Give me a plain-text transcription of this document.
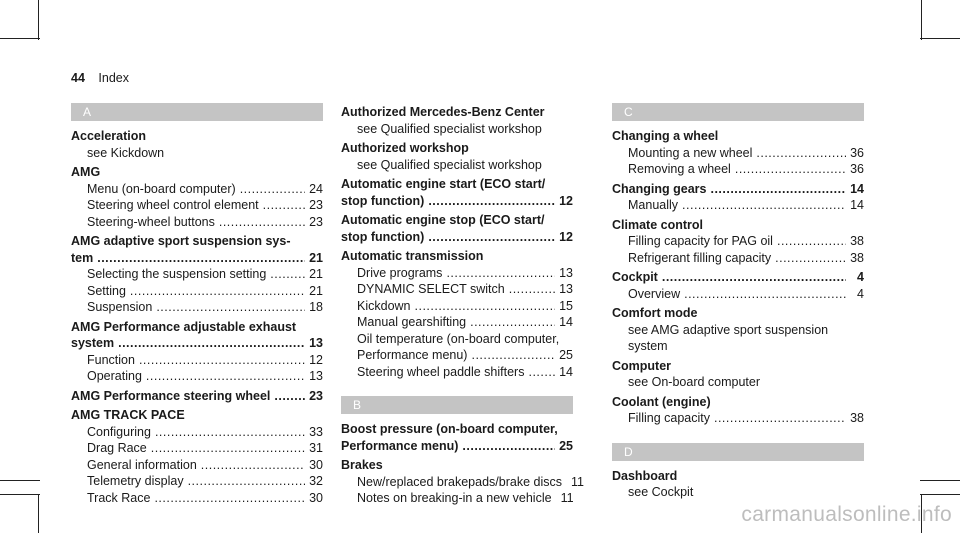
44 Index
A
Acceleration
see Kickdown
AMG
Menu (on-board computer) .....	24
Steering wheel control element .....	23
Steering-wheel buttons .....	23
AMG adaptive sport suspension sys-
tem .....	21
Selecting the suspension setting .....	21
Setting .....	21
Suspension .....	18
AMG Performance adjustable exhaust
system .....	13
Function .....	12
Operating .....	13
AMG Performance steering wheel .....	23
AMG TRACK PACE
Configuring .....	33
Drag Race .....	31
General information .....	30
Telemetry display .....	32
Track Race .....	30
Authorized Mercedes-Benz Center
see Qualified specialist workshop
Authorized workshop
see Qualified specialist workshop
Automatic engine start (ECO start/
stop function) .....	12
Automatic engine stop (ECO start/
stop function) .....	12
Automatic transmission
Drive programs .....	13
DYNAMIC SELECT switch .....	13
Kickdown .....	15
Manual gearshifting .....	14
Oil temperature (on-board computer,
Performance menu) .....	25
Steering wheel paddle shifters .....	14
B
Boost pressure (on-board computer,
Performance menu) .....	25
Brakes
New/replaced brakepads/brake discs 11
Notes on breaking-in a new vehicle 11
C
Changing a wheel
Mounting a new wheel .....	36
Removing a wheel .....	36
Changing gears .....	14
Manually .....	14
Climate control
Filling capacity for PAG oil .....	38
Refrigerant filling capacity .....	38
Cockpit .....	4
Overview .....	4
Comfort mode
see AMG adaptive sport suspension system
Computer
see On-board computer
Coolant (engine)
Filling capacity .....	38
D
Dashboard
see Cockpit
carmanualsonline.info
